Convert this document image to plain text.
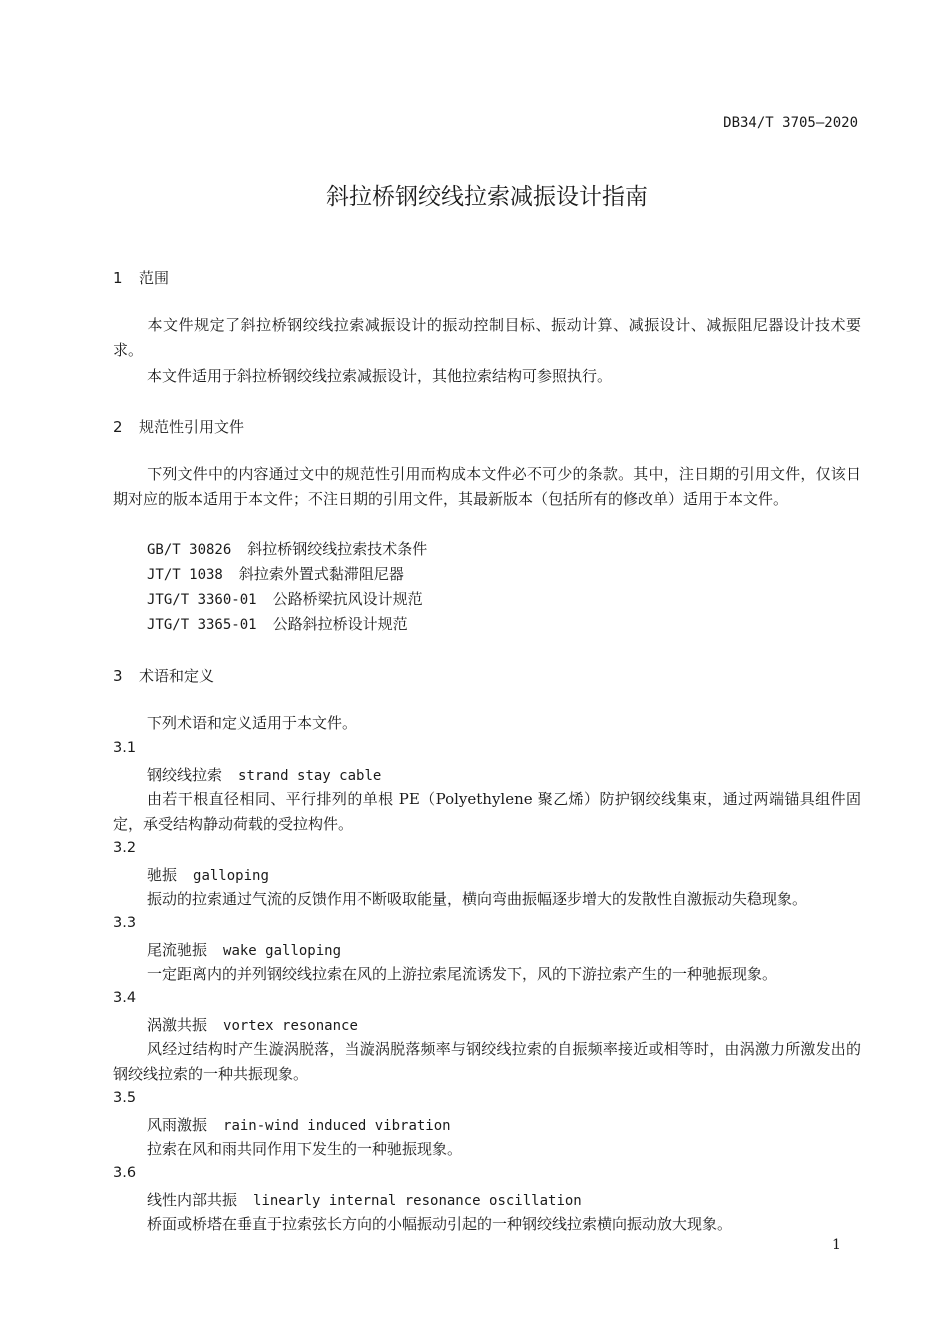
DB34/T 3705—2020
斜拉桥钢绞线拉索减振设计指南
1 范围
本文件规定了斜拉桥钢绞线拉索减振设计的振动控制目标、振动计算、减振设计、减振阻尼器设计技术要求。
本文件适用于斜拉桥钢绞线拉索减振设计，其他拉索结构可参照执行。
2 规范性引用文件
下列文件中的内容通过文中的规范性引用而构成本文件必不可少的条款。其中，注日期的引用文件，仅该日期对应的版本适用于本文件；不注日期的引用文件，其最新版本（包括所有的修改单）适用于本文件。
GB/T 30826 斜拉桥钢绞线拉索技术条件
JT/T 1038 斜拉索外置式黏滞阻尼器
JTG/T 3360-01 公路桥梁抗风设计规范
JTG/T 3365-01 公路斜拉桥设计规范
3 术语和定义
下列术语和定义适用于本文件。
3.1
钢绞线拉索 strand stay cable
由若干根直径相同、平行排列的单根 PE（Polyethylene 聚乙烯）防护钢绞线集束，通过两端锚具组件固定，承受结构静动荷载的受拉构件。
3.2
驰振 galloping
振动的拉索通过气流的反馈作用不断吸取能量，横向弯曲振幅逐步增大的发散性自激振动失稳现象。
3.3
尾流驰振 wake galloping
一定距离内的并列钢绞线拉索在风的上游拉索尾流诱发下，风的下游拉索产生的一种驰振现象。
3.4
涡激共振 vortex resonance
风经过结构时产生漩涡脱落，当漩涡脱落频率与钢绞线拉索的自振频率接近或相等时，由涡激力所激发出的钢绞线拉索的一种共振现象。
3.5
风雨激振 rain-wind induced vibration
拉索在风和雨共同作用下发生的一种驰振现象。
3.6
线性内部共振 linearly internal resonance oscillation
桥面或桥塔在垂直于拉索弦长方向的小幅振动引起的一种钢绞线拉索横向振动放大现象。
1
